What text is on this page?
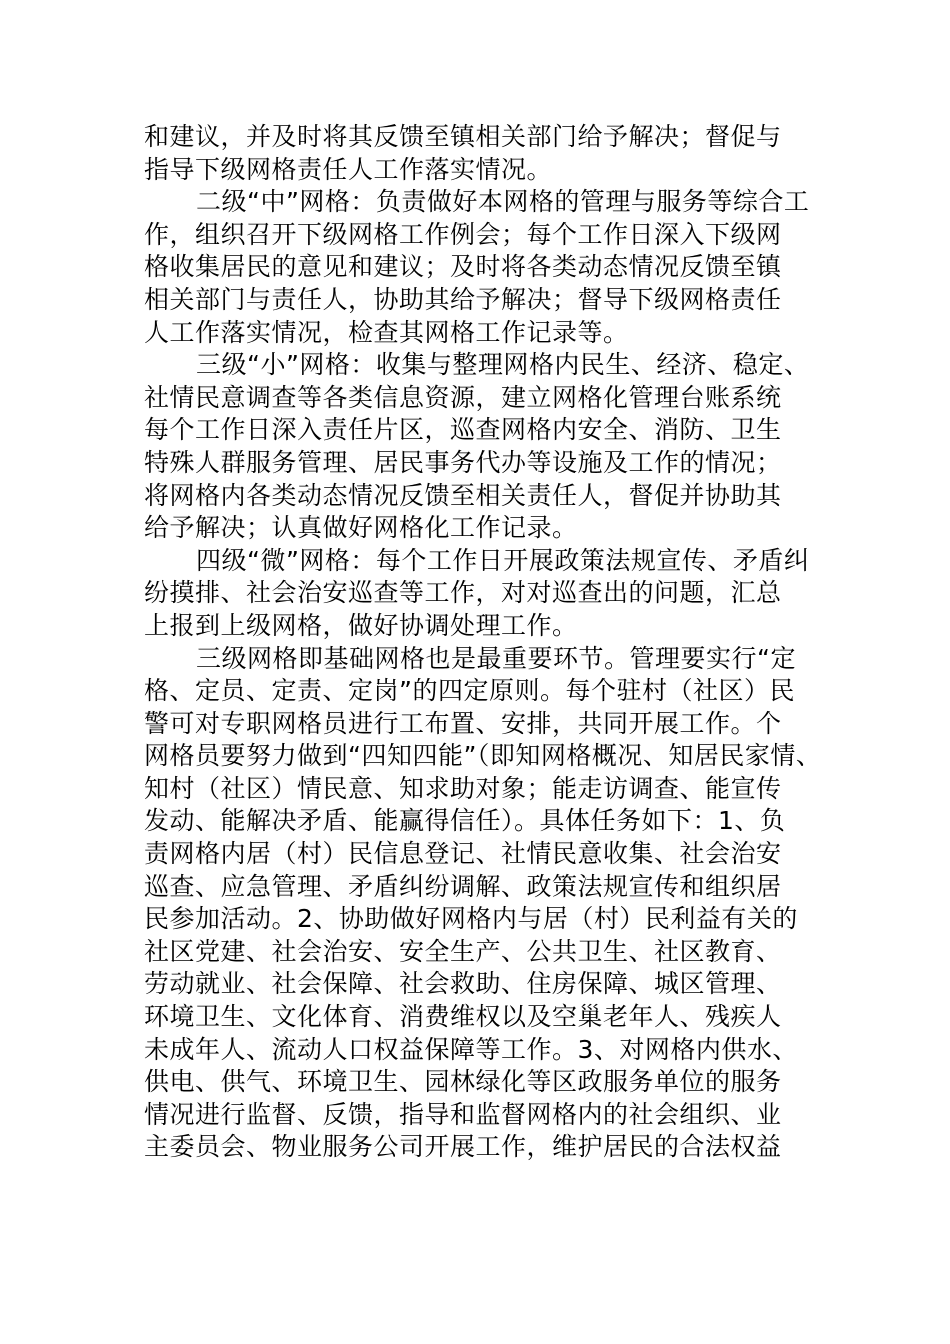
和建议，并及时将其反馈至镇相关部门给予解决；督促与
指导下级网格责任人工作落实情况。
二级“中”网格：负责做好本网格的管理与服务等综合工
作，组织召开下级网格工作例会；每个工作日深入下级网
格收集居民的意见和建议；及时将各类动态情况反馈至镇
相关部门与责任人，协助其给予解决；督导下级网格责任
人工作落实情况，检查其网格工作记录等。
三级“小”网格：收集与整理网格内民生、经济、稳定、
社情民意调查等各类信息资源，建立网格化管理台账系统
每个工作日深入责任片区，巡查网格内安全、消防、卫生
特殊人群服务管理、居民事务代办等设施及工作的情况；
将网格内各类动态情况反馈至相关责任人，督促并协助其
给予解决；认真做好网格化工作记录。
四级“微”网格：每个工作日开展政策法规宣传、矛盾纠
纷摸排、社会治安巡查等工作，对对巡查出的问题，汇总
上报到上级网格，做好协调处理工作。
三级网格即基础网格也是最重要环节。管理要实行“定
格、定员、定责、定岗”的四定原则。每个驻村（社区）民
警可对专职网格员进行工布置、安排，共同开展工作。个
网格员要努力做到“四知四能”（即知网格概况、知居民家情、
知村（社区）情民意、知求助对象；能走访调查、能宣传
发动、能解决矛盾、能赢得信任）。具体任务如下：1、负
责网格内居（村）民信息登记、社情民意收集、社会治安
巡查、应急管理、矛盾纠纷调解、政策法规宣传和组织居
民参加活动。2、协助做好网格内与居（村）民利益有关的
社区党建、社会治安、安全生产、公共卫生、社区教育、
劳动就业、社会保障、社会救助、住房保障、城区管理、
环境卫生、文化体育、消费维权以及空巢老年人、残疾人
未成年人、流动人口权益保障等工作。3、对网格内供水、
供电、供气、环境卫生、园林绿化等区政服务单位的服务
情况进行监督、反馈，指导和监督网格内的社会组织、业
主委员会、物业服务公司开展工作，维护居民的合法权益
